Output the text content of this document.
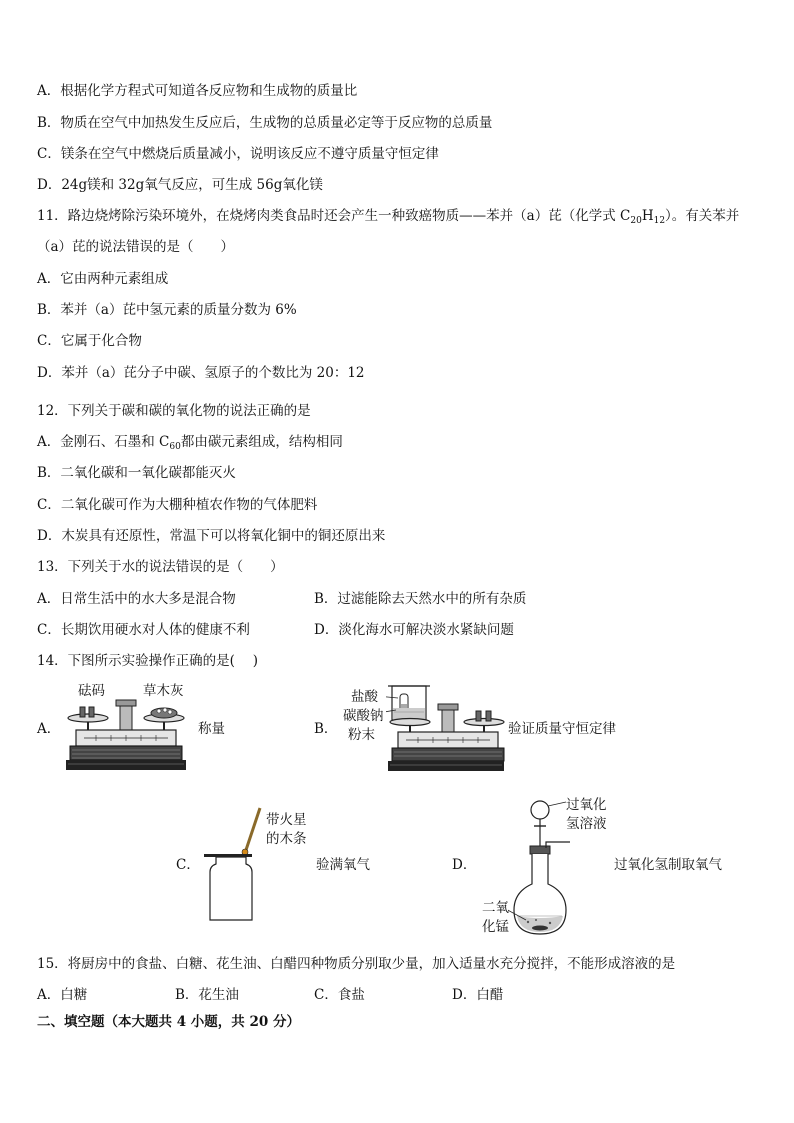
A．根据化学方程式可知道各反应物和生成物的质量比
B．物质在空气中加热发生反应后，生成物的总质量必定等于反应物的总质量
C．镁条在空气中燃烧后质量减小，说明该反应不遵守质量守恒定律
D．24g镁和 32g氧气反应，可生成 56g氧化镁
11．路边烧烤除污染环境外，在烧烤肉类食品时还会产生一种致癌物质——苯并（a）芘（化学式 $C_{20}H_{12}$）。有关苯并
（a）芘的说法错误的是（　　）
A．它由两种元素组成
B．苯并（a）芘中氢元素的质量分数为 6%
C．它属于化合物
D．苯并（a）芘分子中碳、氢原子的个数比为 20：12
12．下列关于碳和碳的氧化物的说法正确的是
A．金刚石、石墨和 $C_{60}$都由碳元素组成，结构相同
B．二氧化碳和一氧化碳都能灭火
C．二氧化碳可作为大棚种植农作物的气体肥料
D．木炭具有还原性，常温下可以将氧化铜中的铜还原出来
13．下列关于水的说法错误的是（　　）
A．日常生活中的水大多是混合物	B．过滤能除去天然水中的所有杂质
C．长期饮用硬水对人体的健康不利	D．淡化海水可解决淡水紧缺问题
14．下图所示实验操作正确的是(　 )
A．
砝码	草木灰
称量	B．
盐酸
碳酸钠
粉末	验证质量守恒定律
带火星
的木条
C．	验满氧气	D．
过氧化
氢溶液
二氧
化锰
过氧化氢制取氧气
15．将厨房中的食盐、白糖、花生油、白醋四种物质分别取少量，加入适量水充分搅拌，不能形成溶液的是
A．白糖	B．花生油	C．食盐	D．白醋
二、填空题（本大题共 4 小题，共 20 分）
